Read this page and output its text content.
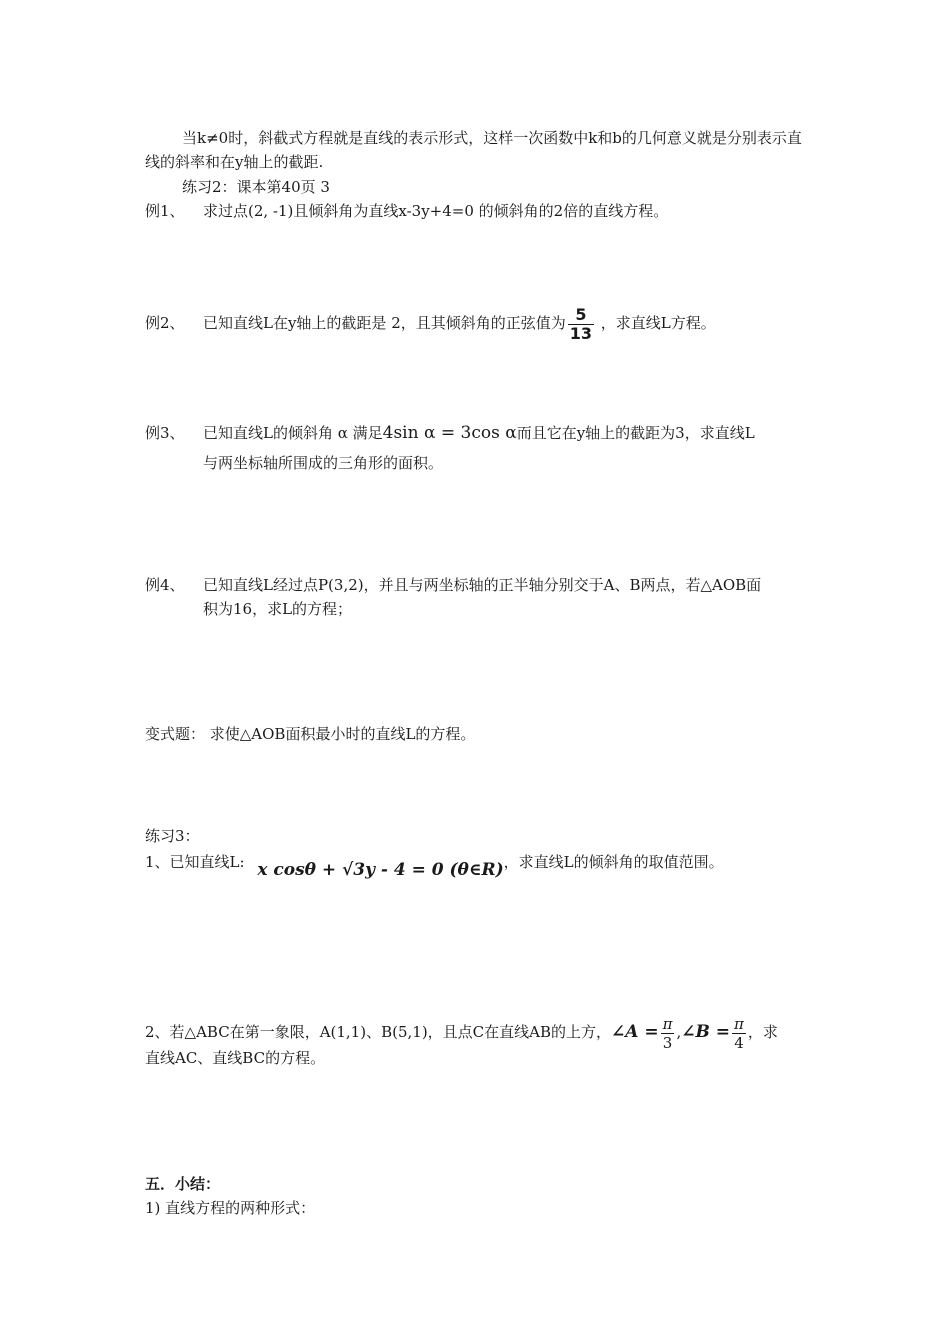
当k≠0时，斜截式方程就是直线的表示形式，这样一次函数中k和b的几何意义就是分别表示直线的斜率和在y轴上的截距.
练习2：课本第40页 3
例1、 求过点(2, -1)且倾斜角为直线x-3y+4=0 的倾斜角的2倍的直线方程。
例2、 已知直线L在y轴上的截距是 2，且其倾斜角的正弦值为 $\frac{5}{13}$ ，求直线L方程。
例3、 已知直线L的倾斜角 α 满足4sin α = 3cos α而且它在y轴上的截距为3，求直线L
与两坐标轴所围成的三角形的面积。
例4、 已知直线L经过点P(3,2)，并且与两坐标轴的正半轴分别交于A、B两点，若△AOB面
积为16，求L的方程；
变式题： 求使△AOB面积最小时的直线L的方程。
练习3：
1、已知直线L: x cosθ + √3y - 4 = 0 (θ∈R)，求直线L的倾斜角的取值范围。
2、若△ABC在第一象限，A(1,1)、B(5,1)，且点C在直线AB的上方，∠A = $\frac{\pi}{3}$ ,∠B = $\frac{\pi}{4}$ ，求
直线AC、直线BC的方程。
五．小结：
1) 直线方程的两种形式：
